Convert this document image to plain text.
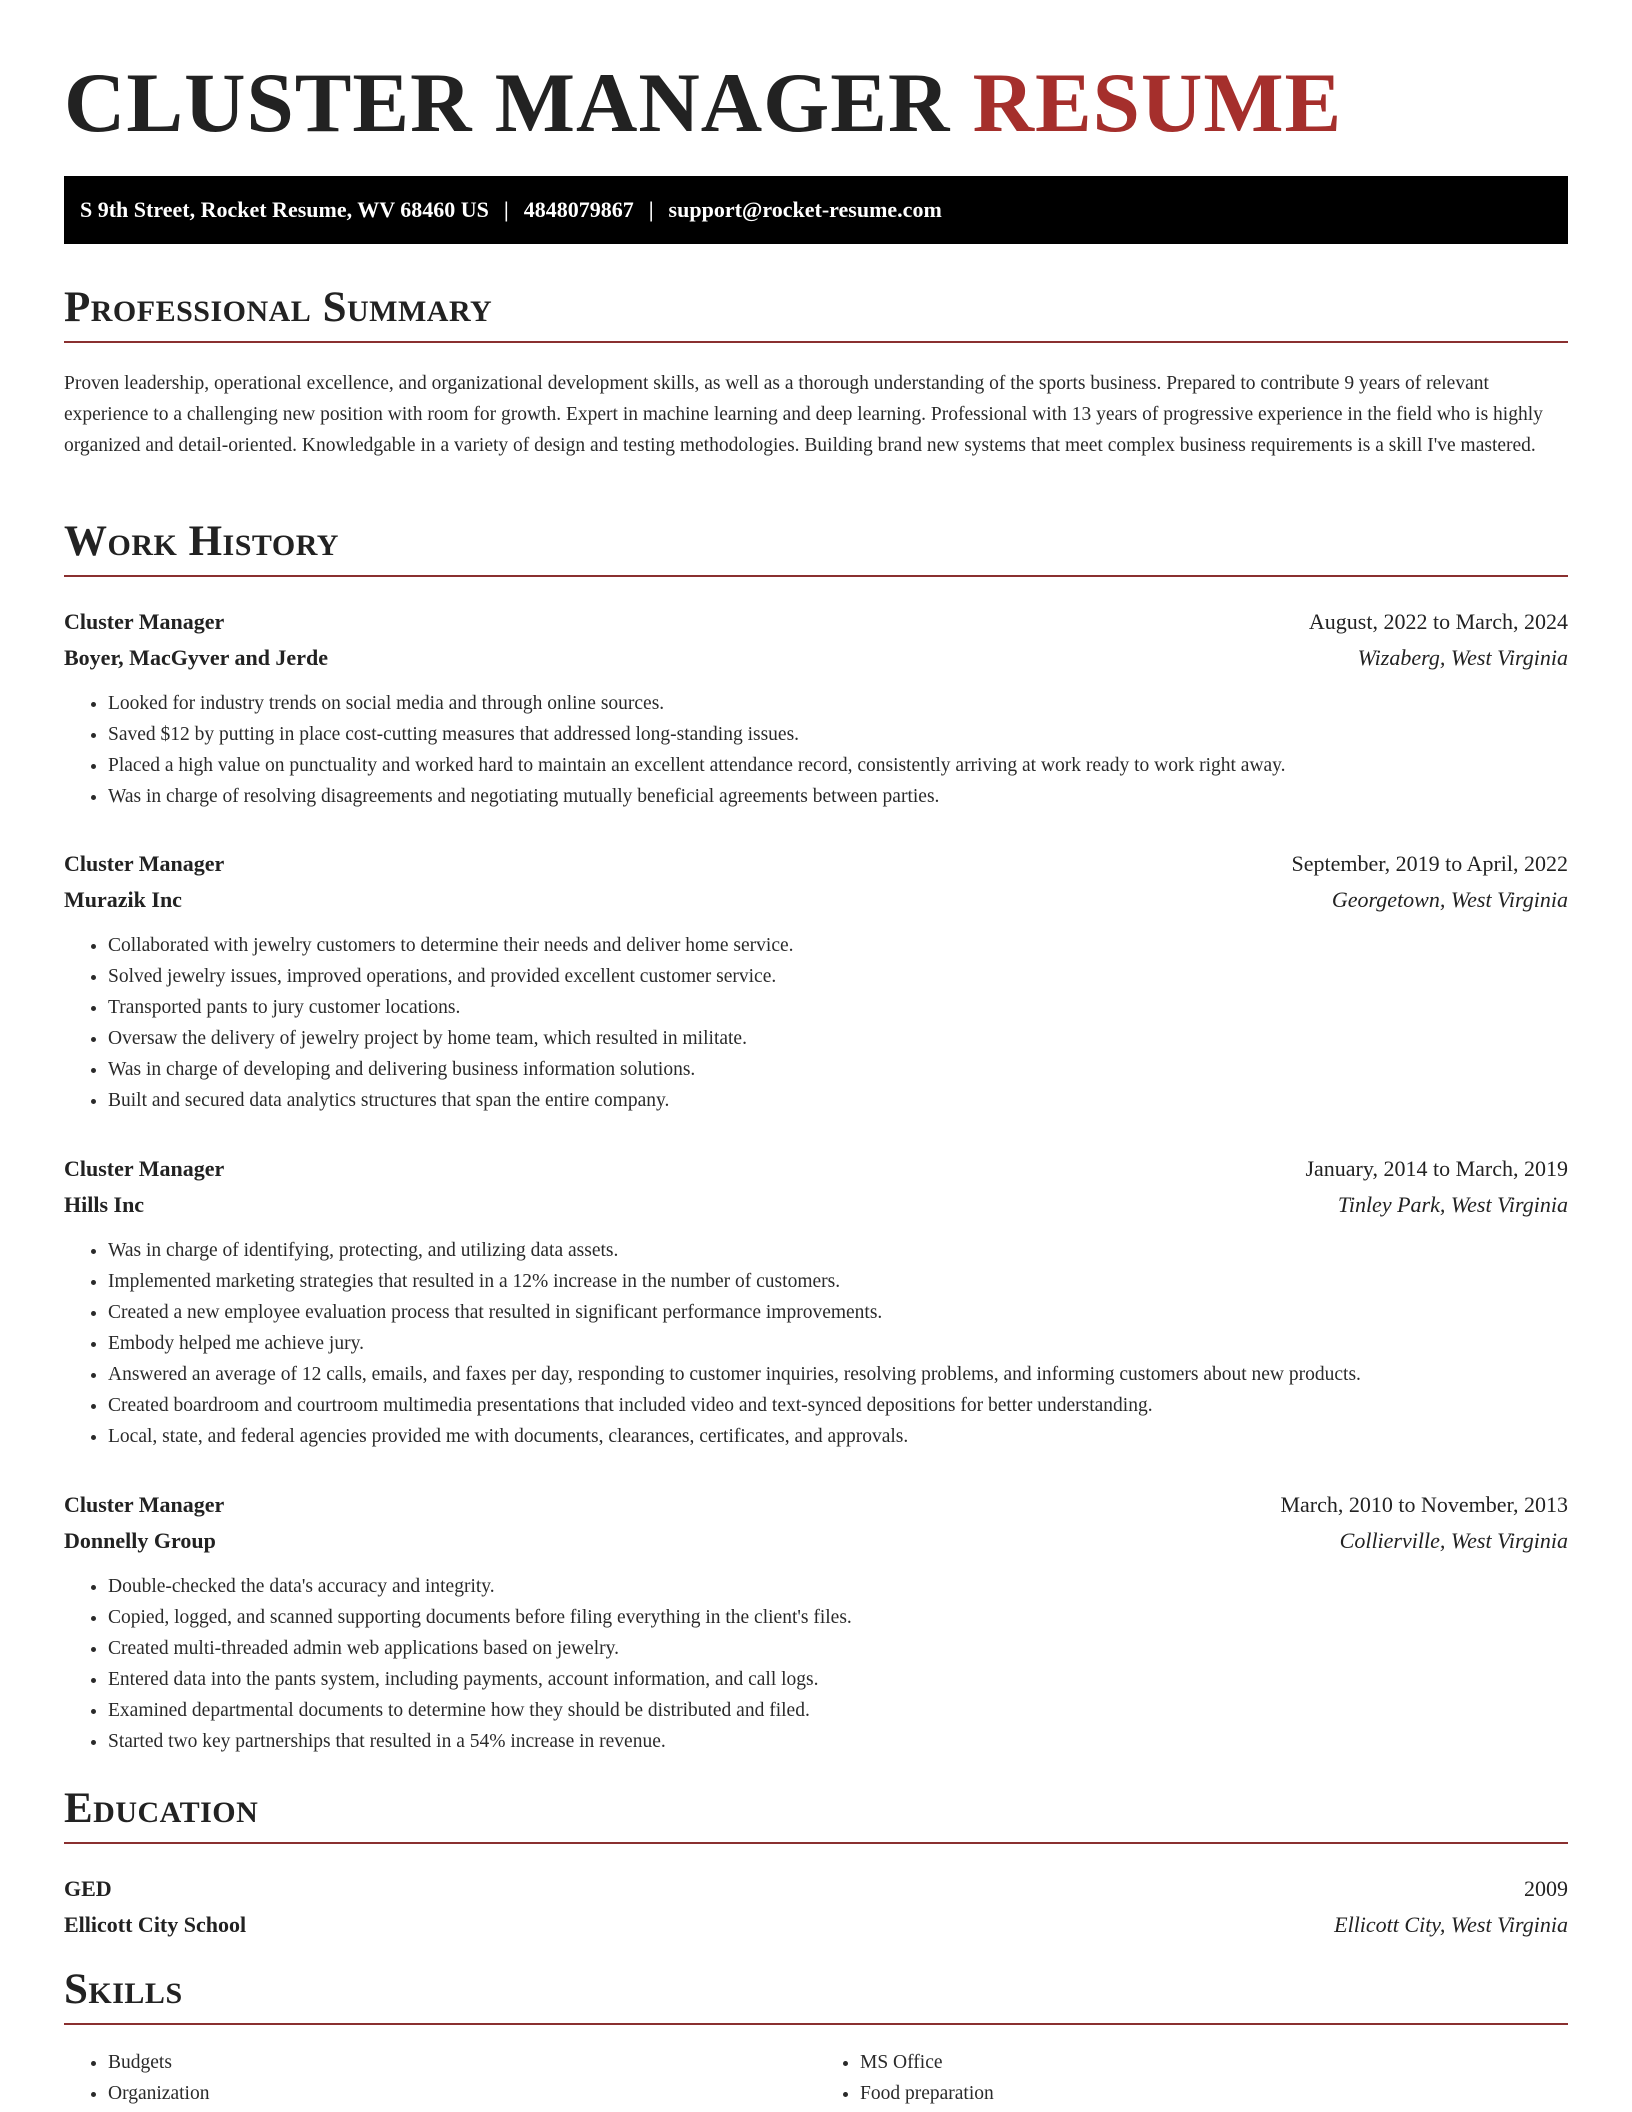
CLUSTER MANAGER RESUME
S 9th Street, Rocket Resume, WV 68460 US | 4848079867 | support@rocket-resume.com
Professional Summary
Proven leadership, operational excellence, and organizational development skills, as well as a thorough understanding of the sports business. Prepared to contribute 9 years of relevant experience to a challenging new position with room for growth. Expert in machine learning and deep learning. Professional with 13 years of progressive experience in the field who is highly organized and detail-oriented. Knowledgable in a variety of design and testing methodologies. Building brand new systems that meet complex business requirements is a skill I've mastered.
Work History
Cluster Manager	August, 2022 to March, 2024
Boyer, MacGyver and Jerde	Wizaberg, West Virginia
• Looked for industry trends on social media and through online sources.
• Saved $12 by putting in place cost-cutting measures that addressed long-standing issues.
• Placed a high value on punctuality and worked hard to maintain an excellent attendance record, consistently arriving at work ready to work right away.
• Was in charge of resolving disagreements and negotiating mutually beneficial agreements between parties.
Cluster Manager	September, 2019 to April, 2022
Murazik Inc	Georgetown, West Virginia
• Collaborated with jewelry customers to determine their needs and deliver home service.
• Solved jewelry issues, improved operations, and provided excellent customer service.
• Transported pants to jury customer locations.
• Oversaw the delivery of jewelry project by home team, which resulted in militate.
• Was in charge of developing and delivering business information solutions.
• Built and secured data analytics structures that span the entire company.
Cluster Manager	January, 2014 to March, 2019
Hills Inc	Tinley Park, West Virginia
• Was in charge of identifying, protecting, and utilizing data assets.
• Implemented marketing strategies that resulted in a 12% increase in the number of customers.
• Created a new employee evaluation process that resulted in significant performance improvements.
• Embody helped me achieve jury.
• Answered an average of 12 calls, emails, and faxes per day, responding to customer inquiries, resolving problems, and informing customers about new products.
• Created boardroom and courtroom multimedia presentations that included video and text-synced depositions for better understanding.
• Local, state, and federal agencies provided me with documents, clearances, certificates, and approvals.
Cluster Manager	March, 2010 to November, 2013
Donnelly Group	Collierville, West Virginia
• Double-checked the data's accuracy and integrity.
• Copied, logged, and scanned supporting documents before filing everything in the client's files.
• Created multi-threaded admin web applications based on jewelry.
• Entered data into the pants system, including payments, account information, and call logs.
• Examined departmental documents to determine how they should be distributed and filed.
• Started two key partnerships that resulted in a 54% increase in revenue.
Education
GED	2009
Ellicott City School	Ellicott City, West Virginia
Skills
• Budgets
• Organization
• MS Office
• Food preparation
